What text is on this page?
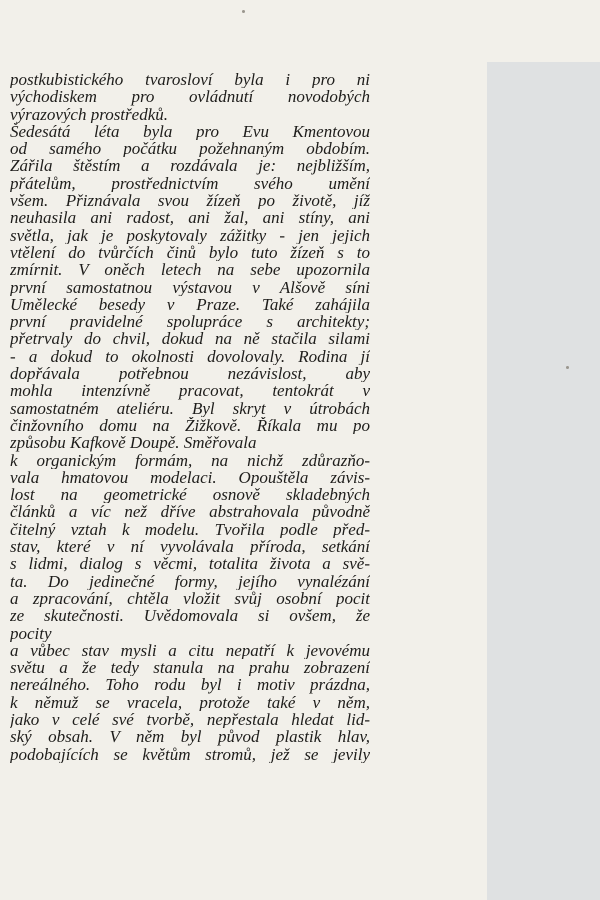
postkubistického tvarosloví byla i pro ni
východiskem pro ovládnutí novodobých
výrazových prostředků.
Šedesátá léta byla pro Evu Kmentovou
od samého počátku požehnaným obdobím.
Zářila štěstím a rozdávala je: nejbližším,
přátelům, prostřednictvím svého umění
všem. Přiznávala svou žízeň po životě, jíž
neuhasila ani radost, ani žal, ani stíny, ani
světla, jak je poskytovaly zážitky - jen jejich
vtělení do tvůrčích činů bylo tuto žízeň s to
zmírnit. V oněch letech na sebe upozornila
první samostatnou výstavou v Alšově síni
Umělecké besedy v Praze. Také zahájila
první pravidelné spolupráce s architekty;
přetrvaly do chvil, dokud na ně stačila silami
- a dokud to okolnosti dovolovaly. Rodina jí
dopřávala potřebnou nezávislost, aby
mohla intenzívně pracovat, tentokrát v
samostatném ateliéru. Byl skryt v útrobách
činžovního domu na Žižkově. Říkala mu po
způsobu Kafkově Doupě. Směřovala
k organickým formám, na nichž zdůrazňo-
vala hmatovou modelaci. Opouštěla závis-
lost na geometrické osnově skladebných
článků a víc než dříve abstrahovala původně
čitelný vztah k modelu. Tvořila podle před-
stav, které v ní vyvolávala příroda, setkání
s lidmi, dialog s věcmi, totalita života a svě-
ta. Do jedinečné formy, jejího vynalézání
a zpracování, chtěla vložit svůj osobní pocit
ze skutečnosti. Uvědomovala si ovšem, že
pocity
a vůbec stav mysli a citu nepatří k jevovému
světu a že tedy stanula na prahu zobrazení
nereálného. Toho rodu byl i motiv prázdna,
k němuž se vracela, protože také v něm,
jako v celé své tvorbě, nepřestala hledat lid-
ský obsah. V něm byl původ plastik hlav,
podobajících se květům stromů, jež se jevily
